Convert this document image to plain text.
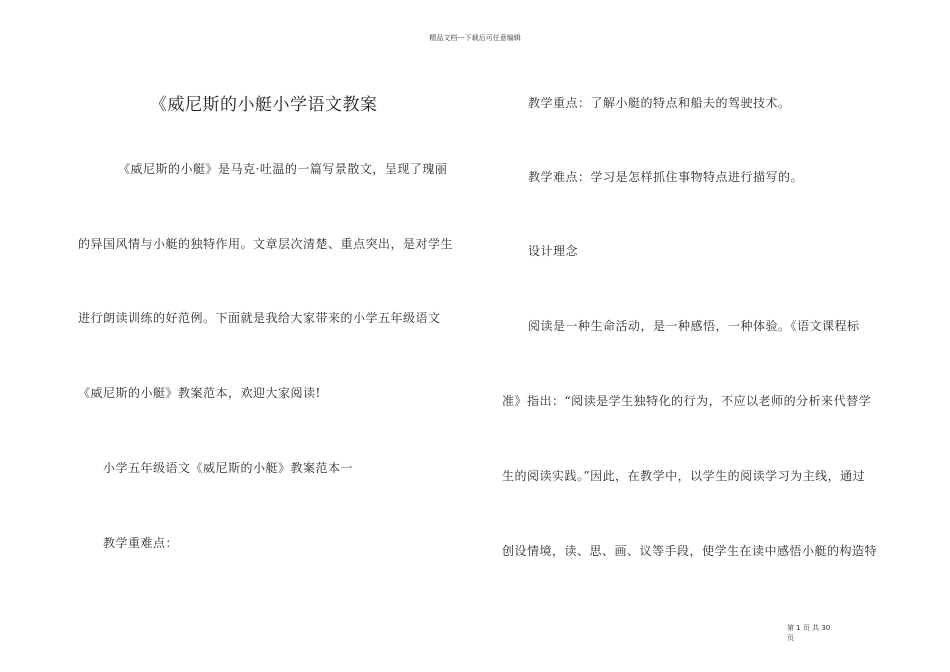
精品文档---下载后可任意编辑
《威尼斯的小艇小学语文教案
《威尼斯的小艇》是马克·吐温的一篇写景散文，呈现了瑰丽
的异国风情与小艇的独特作用。文章层次清楚、重点突出，是对学生
进行朗读训练的好范例。下面就是我给大家带来的小学五年级语文
《威尼斯的小艇》教案范本，欢迎大家阅读!
小学五年级语文《威尼斯的小艇》教案范本一
教学重难点：
教学重点：了解小艇的特点和船夫的驾驶技术。
教学难点：学习是怎样抓住事物特点进行描写的。
设计理念
阅读是一种生命活动，是一种感悟，一种体验。《语文课程标
准》指出：“阅读是学生独特化的行为，不应以老师的分析来代替学
生的阅读实践。”因此，在教学中，以学生的阅读学习为主线，通过
创设情境，读、思、画、议等手段，使学生在读中感悟小艇的构造特
第 1 页 共 30 页
